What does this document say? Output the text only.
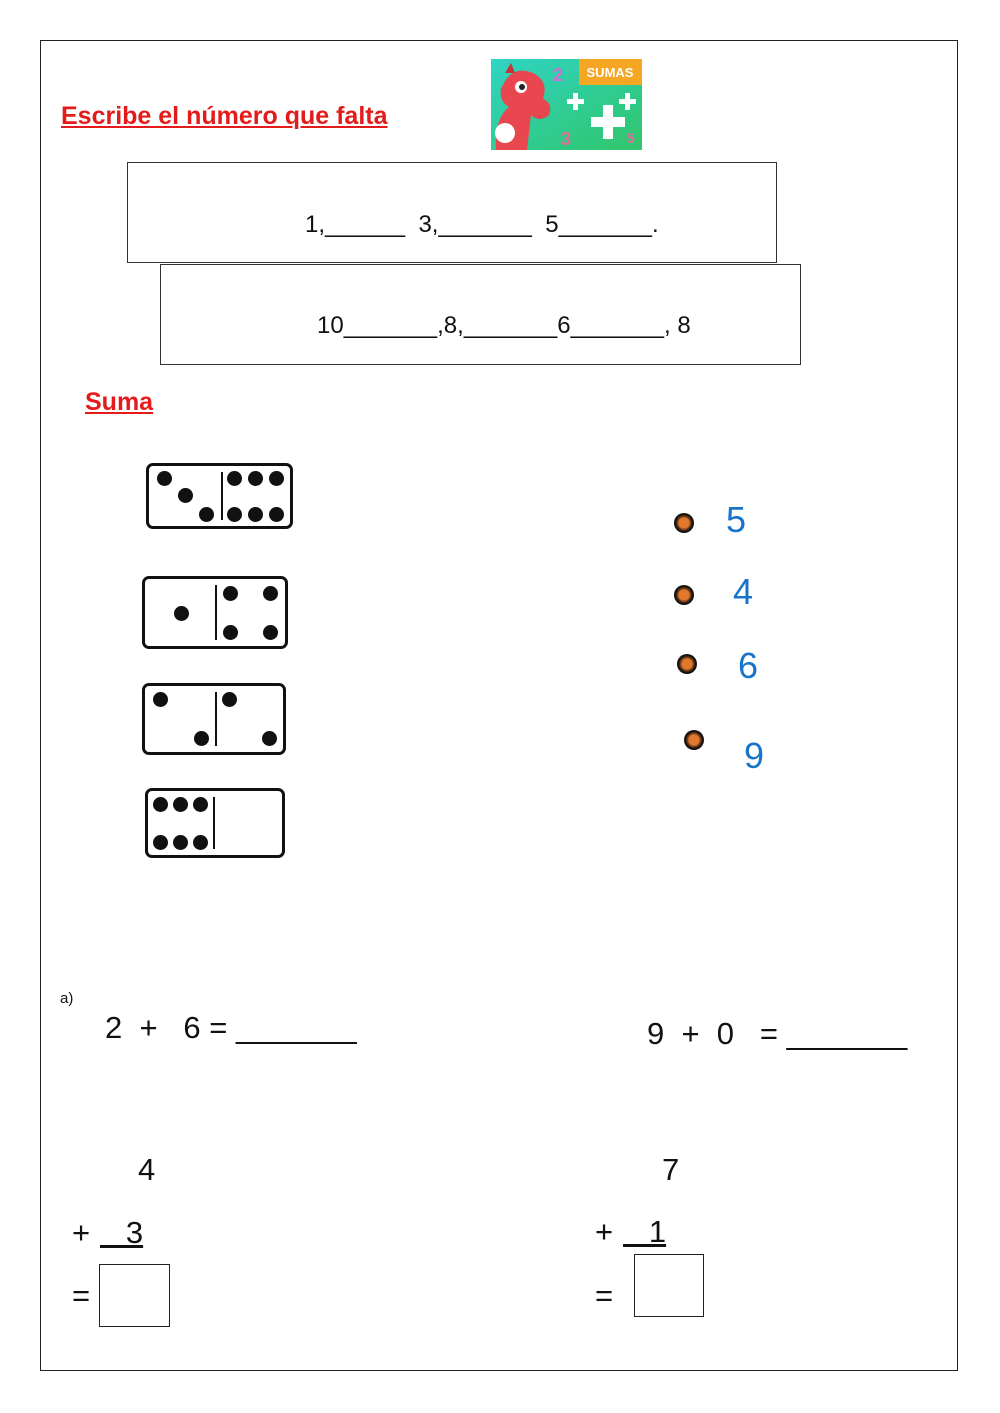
Escribe el número que falta
SUMAS
2
3	5
1,______  3,_______  5_______.
10_______,8,_______6_______, 8
Suma
5
4
6
9
a)
2  +   6 = _______	9  +  0   = _______
4
+ 3
=
7
+ 1
=
